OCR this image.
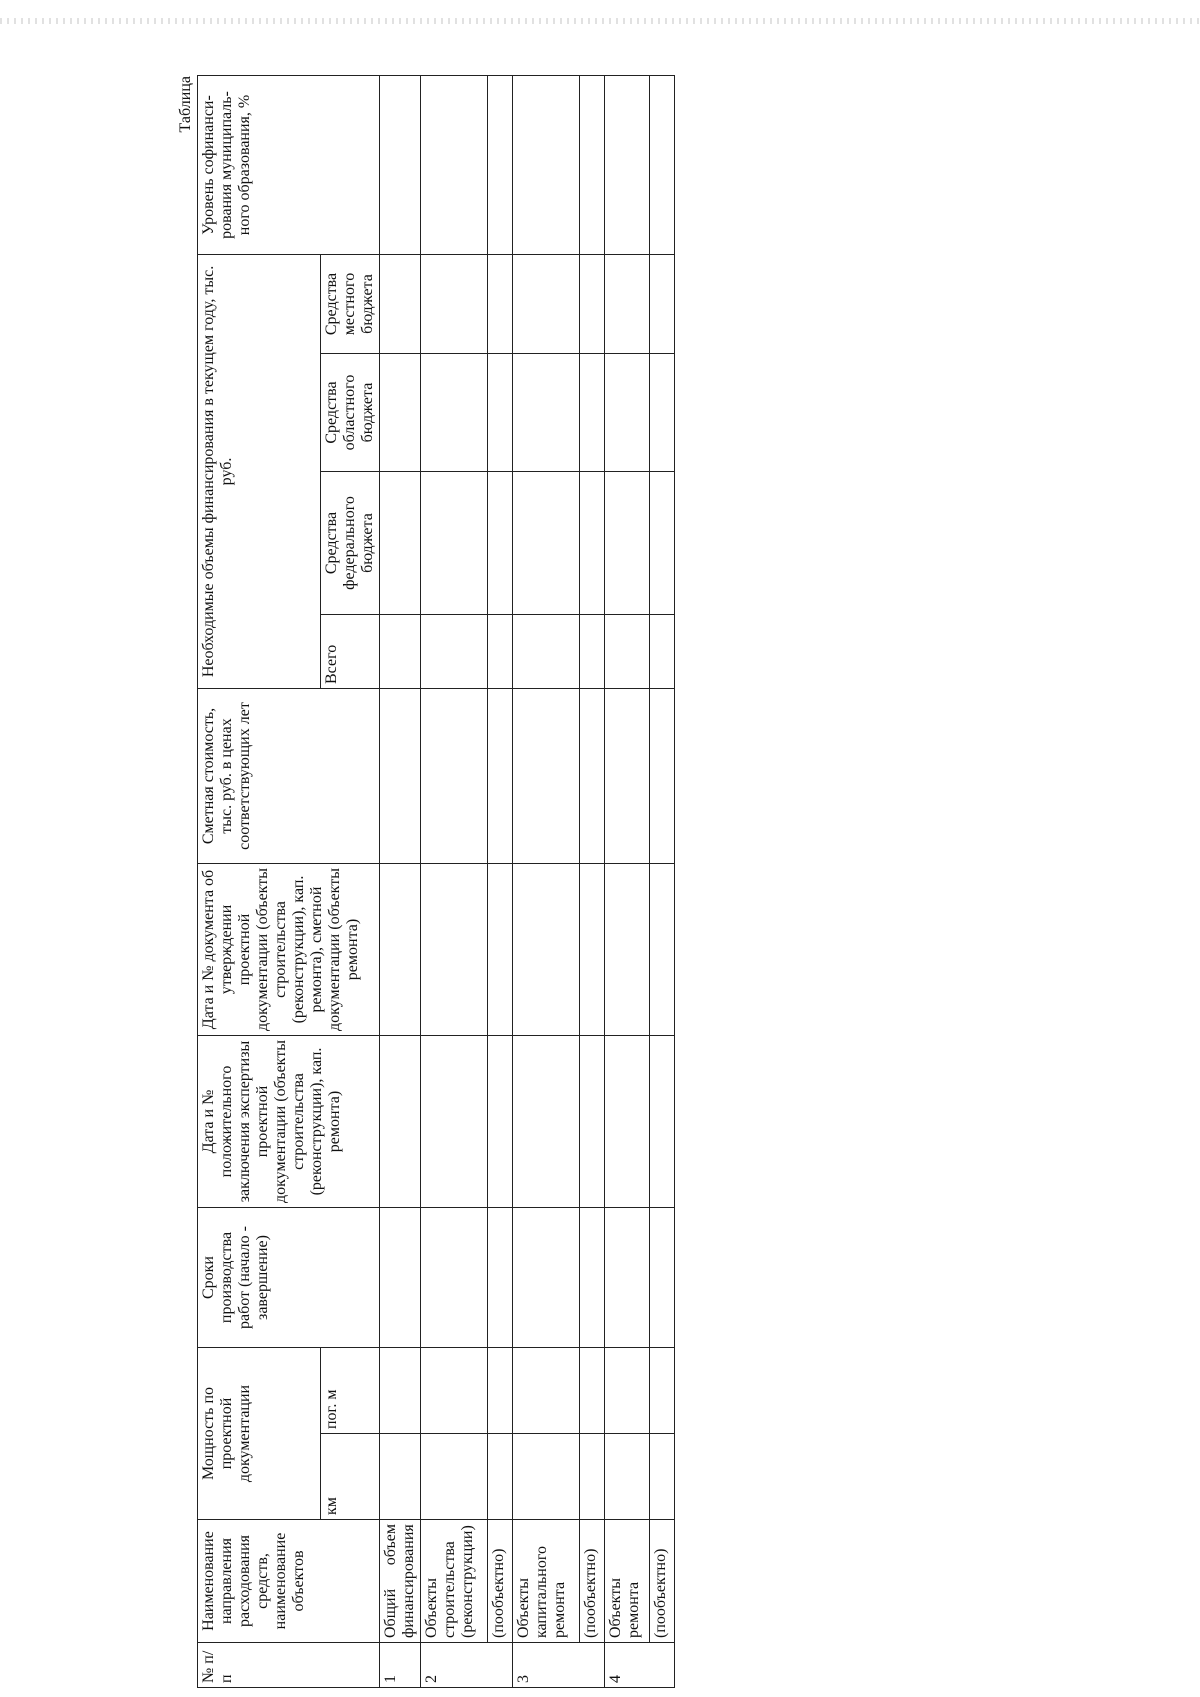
Таблица
№ п/п	Наименование направления расходования средств, наименование объектов	Мощность по проектной документации		Сроки производства работ (начало - завершение)	Дата и № положительного заключения экспертизы проектной документации (объекты строительства (реконструкции), кап. ремонта)	Дата и № документа об утверждении проектной документации (объекты строительства (реконструкции), кап. ремонта), сметной документации (объекты ремонта)	Сметная стоимость, тыс. руб. в ценах соответствующих лет	Необходимые объемы финансирования в текущем году, тыс. руб.				Уровень софинанси-рования муниципаль-ного образования, %
		км	пог. м					Всего	Средства федерального бюджета	Средства областного бюджета	Средства местного бюджета	
1	Общий объем финансирования											
2	Объекты строительства (реконструкции)											
	(пообъектно)											
3	Объекты капитального ремонта											
	(пообъектно)											
4	Объекты ремонта											
	(пообъектно)											
